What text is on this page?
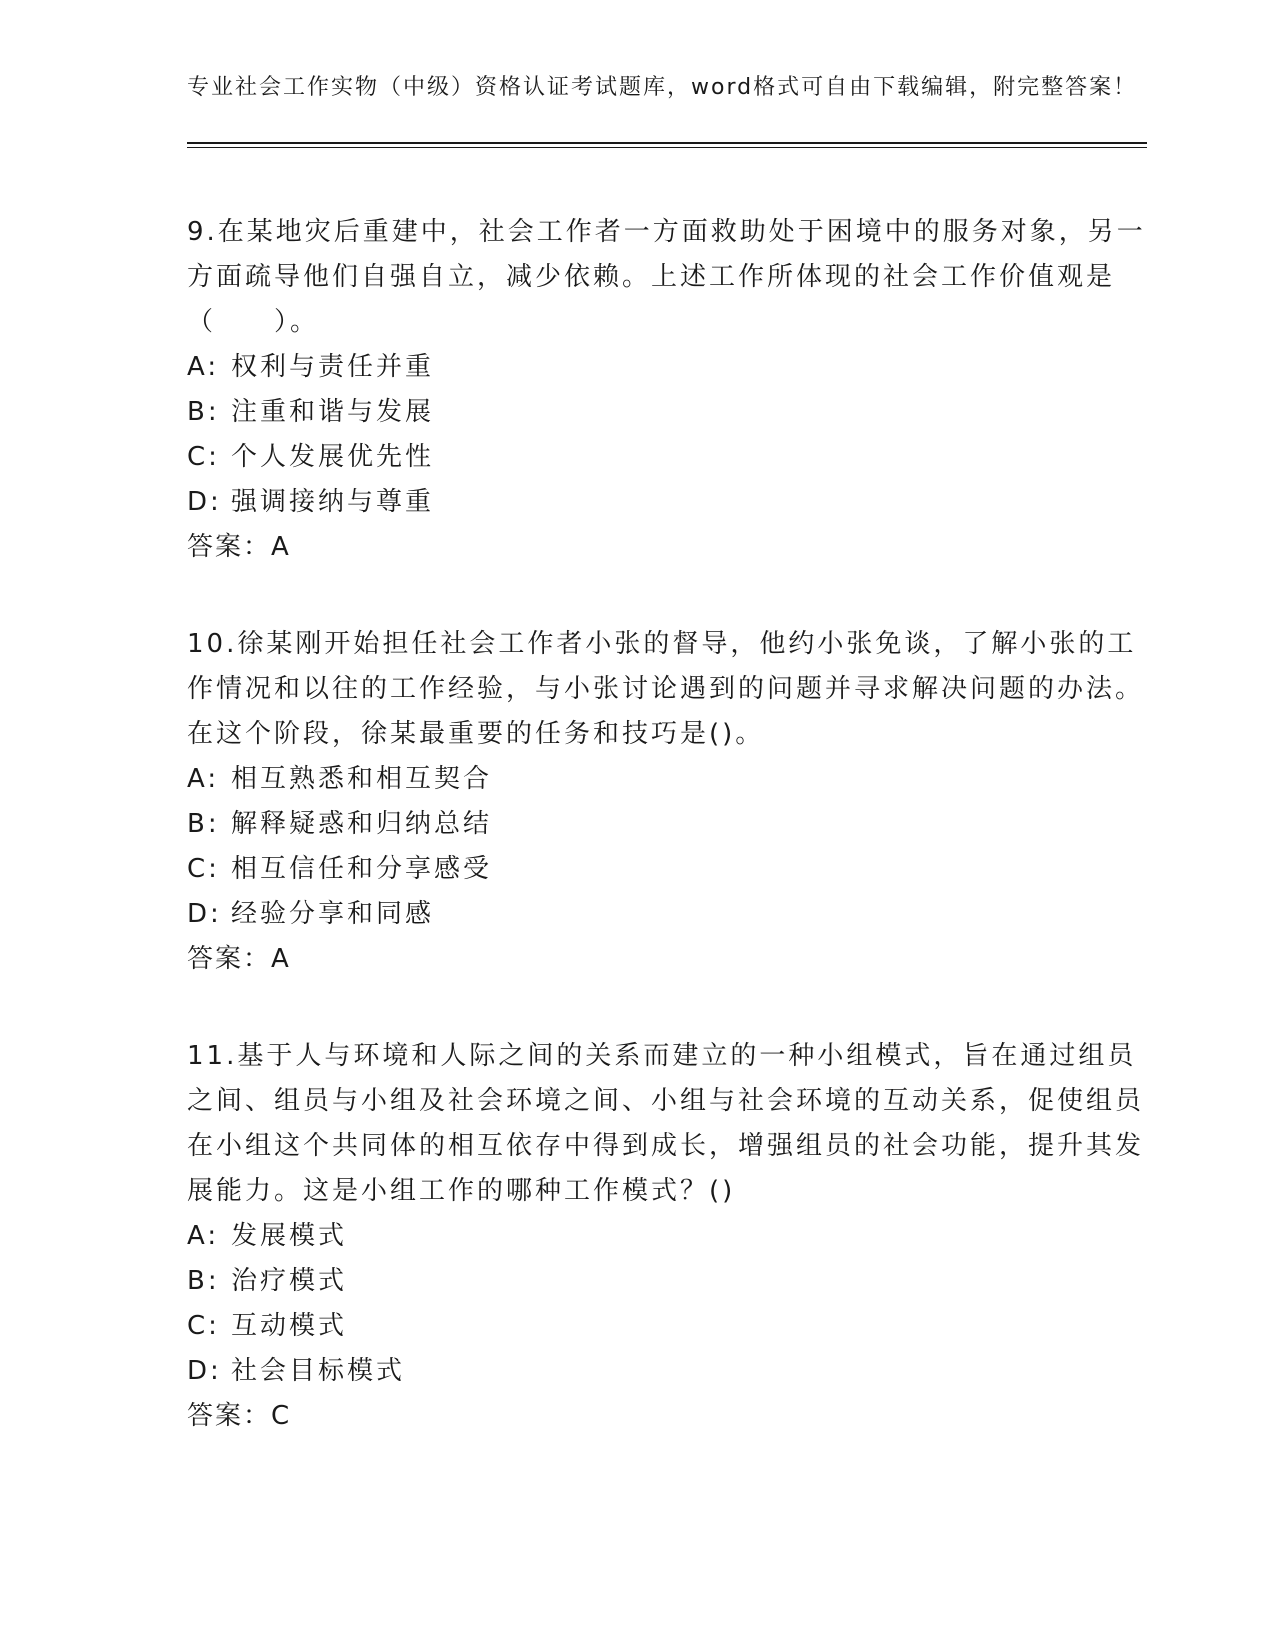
专业社会工作实物（中级）资格认证考试题库，word格式可自由下载编辑，附完整答案！
9.在某地灾后重建中，社会工作者一方面救助处于困境中的服务对象，另一方面疏导他们自强自立，减少依赖。上述工作所体现的社会工作价值观是（　　）。
A: 权利与责任并重
B: 注重和谐与发展
C: 个人发展优先性
D: 强调接纳与尊重
答案：A
10.徐某刚开始担任社会工作者小张的督导，他约小张免谈，了解小张的工作情况和以往的工作经验，与小张讨论遇到的问题并寻求解决问题的办法。在这个阶段，徐某最重要的任务和技巧是()。
A: 相互熟悉和相互契合
B: 解释疑惑和归纳总结
C: 相互信任和分享感受
D: 经验分享和同感
答案：A
11.基于人与环境和人际之间的关系而建立的一种小组模式，旨在通过组员之间、组员与小组及社会环境之间、小组与社会环境的互动关系，促使组员在小组这个共同体的相互依存中得到成长，增强组员的社会功能，提升其发展能力。这是小组工作的哪种工作模式？()
A: 发展模式
B: 治疗模式
C: 互动模式
D: 社会目标模式
答案：C
